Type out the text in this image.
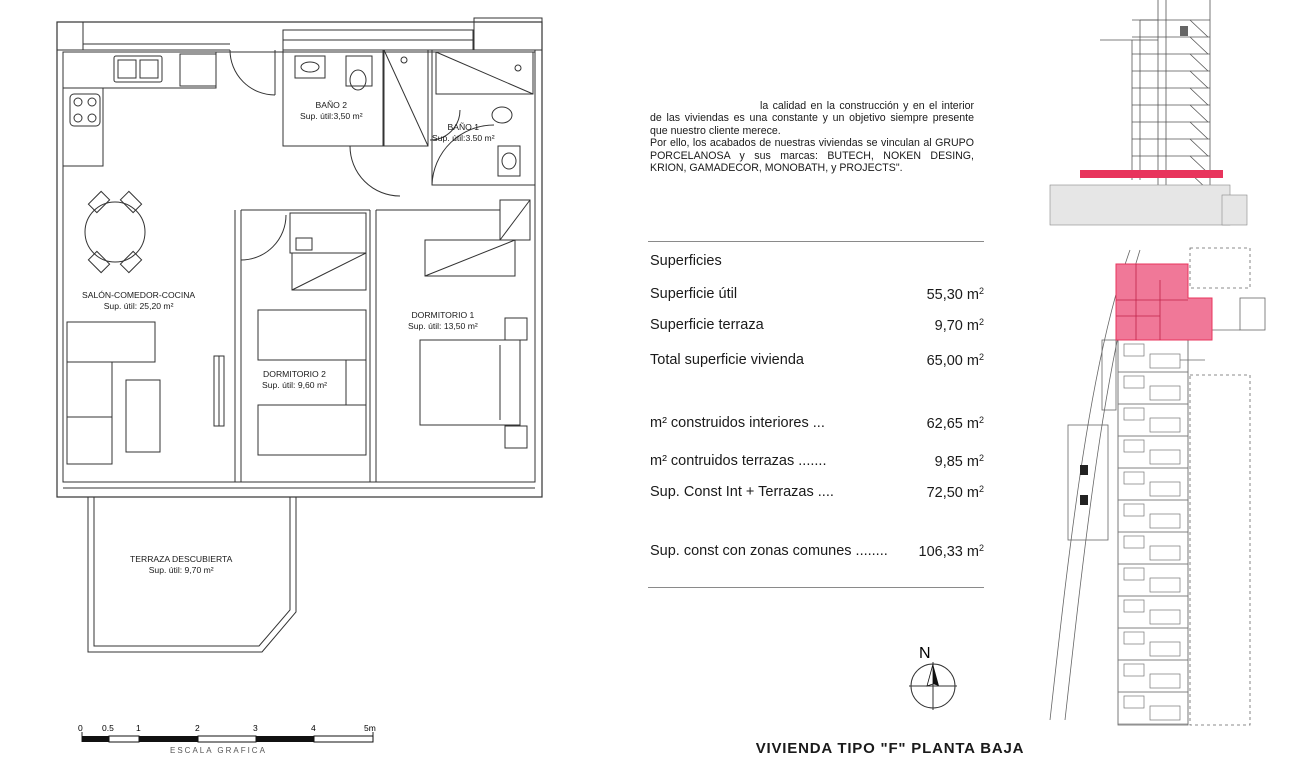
BAÑO 2
Sup. útil:3,50 m²
BAÑO 1
Sup. útil:3.50 m²
SALÓN-COMEDOR-COCINA
Sup. útil: 25,20 m²
DORMITORIO 1
Sup. útil: 13,50 m²
DORMITORIO 2
Sup. útil: 9,60 m²
TERRAZA DESCUBIERTA
Sup. útil: 9,70 m²
0 0.5	1	2	3	4	5m
ESCALA GRAFICA

la calidad en la construcción y en el interior de las viviendas es una constante y un objetivo siempre presente que nuestro cliente merece.

Por ello, los acabados de nuestras viviendas se vinculan al GRUPO PORCELANOSA y sus marcas: BUTECH, NOKEN DESING, KRION, GAMADECOR, MONOBATH, y PROJECTS".

Superficies
Superficie útil	55,30 $m^2$
Superficie terraza	9,70 $m^2$
Total superficie vivienda	65,00 $m^2$
m² construidos interiores ...	62,65 $m^2$
m² contruidos terrazas .......	9,85 $m^2$
Sup. Const Int + Terrazas ....	72,50 $m^2$
Sup. const con zonas comunes ........ 106,33 $m^2$
N
VIVIENDA TIPO "F" PLANTA BAJA
